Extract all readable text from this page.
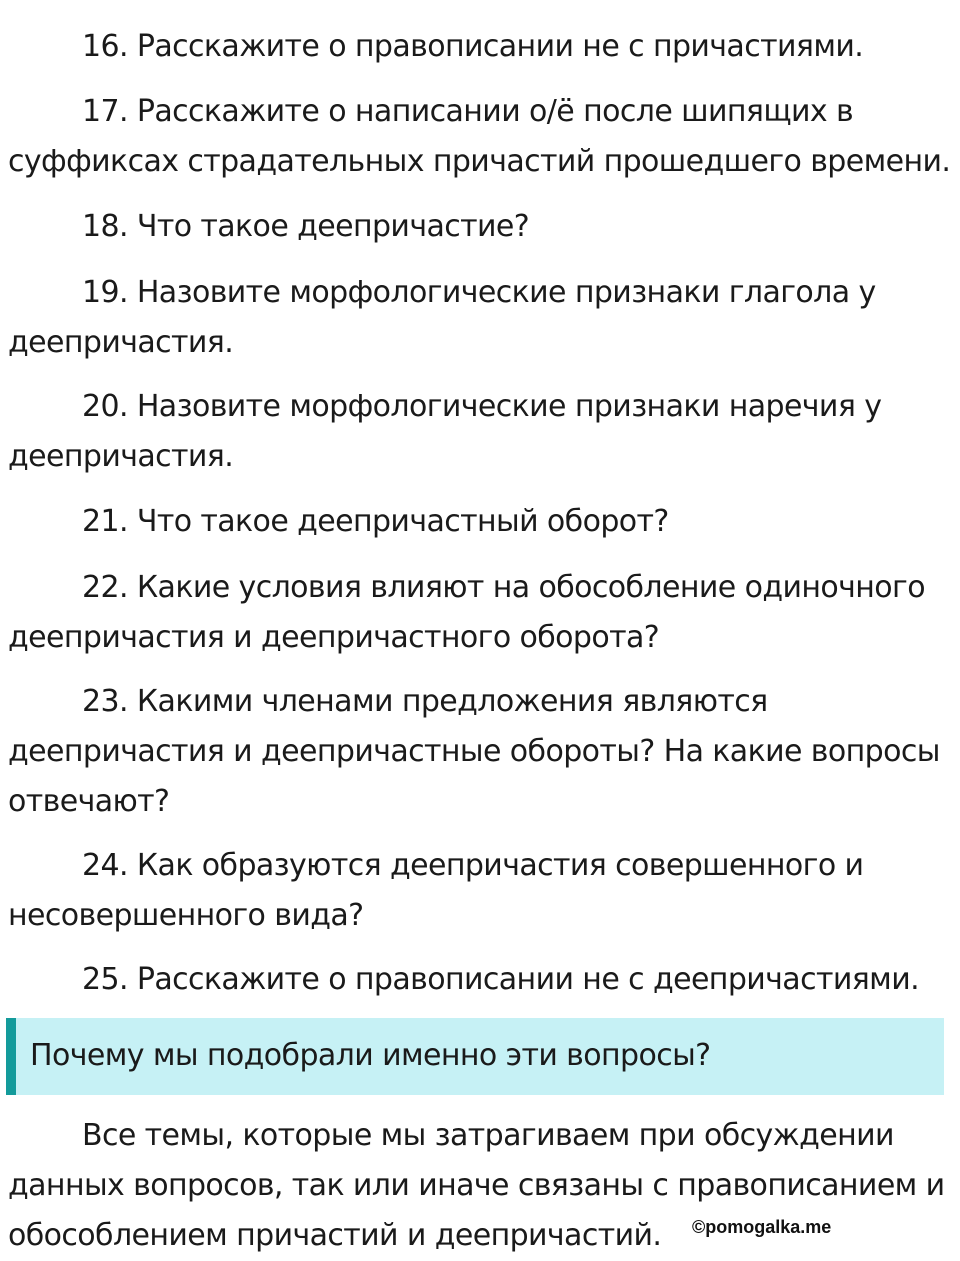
16. Расскажите о правописании не с причастиями.

17. Расскажите о написании о/ё после шипящих в суффиксах страдательных причастий прошедшего времени.

18. Что такое деепричастие?

19. Назовите морфологические признаки глагола у деепричастия.

20. Назовите морфологические признаки наречия у деепричастия.

21. Что такое деепричастный оборот?

22. Какие условия влияют на обособление одиночного деепричастия и деепричастного оборота?

23. Какими членами предложения являются деепричастия и деепричастные обороты? На какие вопросы отвечают?

24. Как образуются деепричастия совершенного и несовершенного вида?

25. Расскажите о правописании не с деепричастиями.

Почему мы подобрали именно эти вопросы?

Все темы, которые мы затрагиваем при обсуждении данных вопросов, так или иначе связаны с правописанием и обособлением причастий и деепричастий.	©pomogalka.me
